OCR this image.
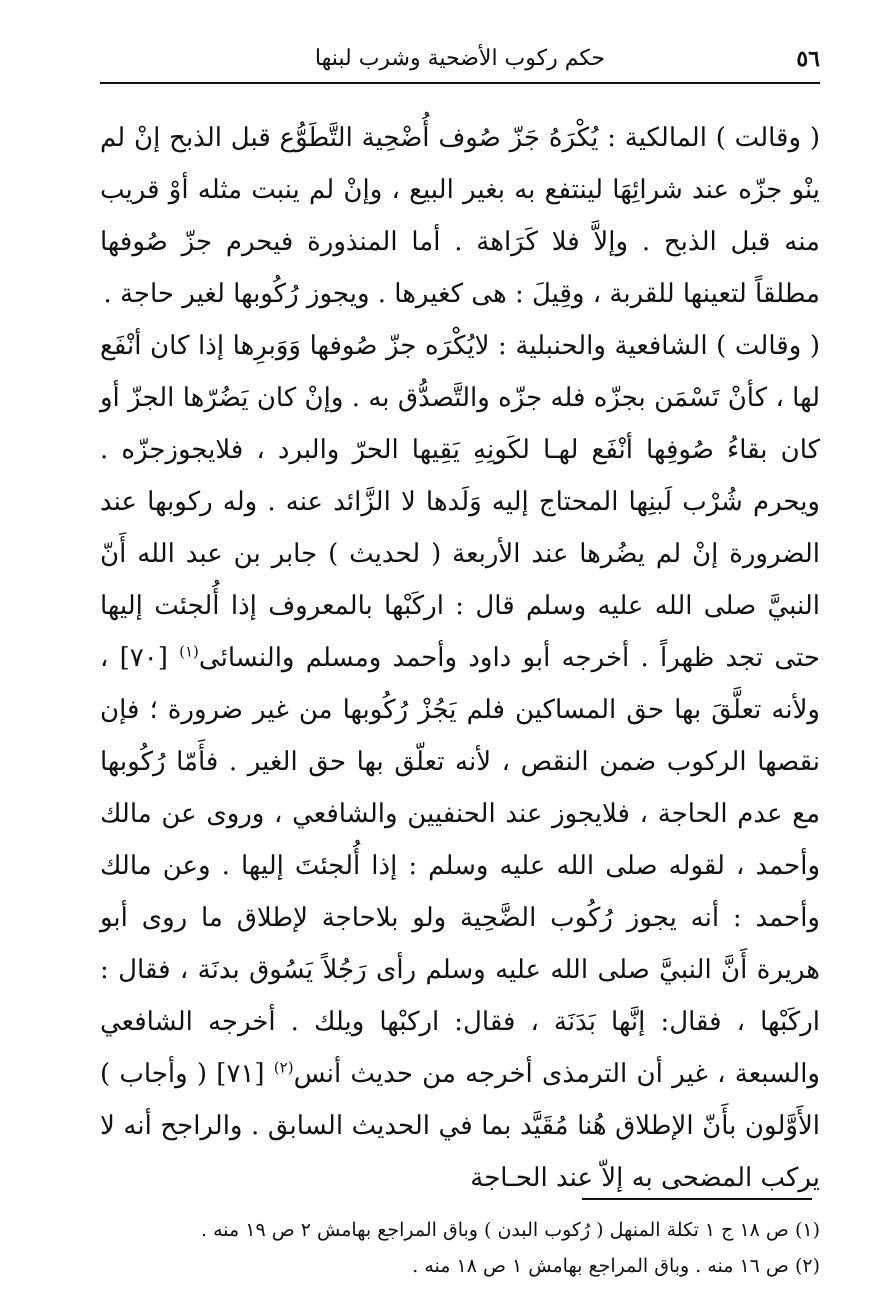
٥٦
حكم ركوب الأضحية وشرب لبنها

( وقالت ) المالكية : يُكْرَهُ جَزّ صُوف أُضْحِية التَّطَوُّع قبل الذبح إنْ لم ينْو جزّه عند شرائِهَا لينتفع به بغير البيع ، وإنْ لم ينبت مثله أوْ قريب منه قبل الذبح . وإلاَّ فلا كَرَاهة . أما المنذورة فيحرم جزّ صُوفها مطلقاً لتعينها للقربة ، وقِيلَ : هى كغيرها . ويجوز رُكُوبها لغير حاجة .

( وقالت ) الشافعية والحنبلية : لايُكْرَه جزّ صُوفها وَوَبرِها إذا كان أنْفَع لها ، كأنْ تَسْمَن بجزّه فله جزّه والتَّصدُّق به . وإنْ كان يَضُرّها الجزّ أو كان بقاءُ صُوفِها أنْفَع لهـا لكَونِهِ يَقِيها الحرّ والبرد ، فلايجوزجزّه . ويحرم شُرْب لَبنِها المحتاج إليه وَلَدها لا الزَّائد عنه . وله ركوبها عند الضرورة إنْ لم يضُرها عند الأربعة ( لحديث ) جابر بن عبد الله أَنّ النبيَّ صلى الله عليه وسلم قال : اركَبْها بالمعروف إذا أُلجئت إليها حتى تجد ظهراً . أخرجه أبو داود وأحمد ومسلم والنسائى$^{(١)}$ [٧٠] ، ولأنه تعلَّقَ بها حق المساكين فلم يَجُزْ رُكُوبها من غير ضرورة ؛ فإن نقصها الركوب ضمن النقص ، لأنه تعلّق بها حق الغير . فأَمّا رُكُوبها مع عدم الحاجة ، فلايجوز عند الحنفيين والشافعي ، وروى عن مالك وأحمد ، لقوله صلى الله عليه وسلم : إذا أُلجئتَ إليها . وعن مالك وأحمد : أنه يجوز رُكُوب الضَّحِية ولو بلاحاجة لإطلاق ما روى أبو هريرة أَنَّ النبيَّ صلى الله عليه وسلم رأى رَجُلاً يَسُوق بدنَة ، فقال : اركَبْها ، فقال: إنَّها بَدَنَة ، فقال: اركبْها ويلك . أخرجه الشافعي والسبعة ، غير أن الترمذى أخرجه من حديث أنس$^{(٢)}$ [٧١] ( وأجاب ) الأَوَّلون بأَنّ الإطلاق هُنا مُقَيَّد بما في الحديث السابق . والراجح أنه لا يركب المضحى به إلاّ عند الحـاجة

(١) ص ١٨ ج ١ تكلة المنهل ( رُكوب البدن ) وباق المراجع بهامش ٢ ص ١٩ منه .

(٢) ص ١٦ منه . وباق المراجع بهامش ١ ص ١٨ منه .
